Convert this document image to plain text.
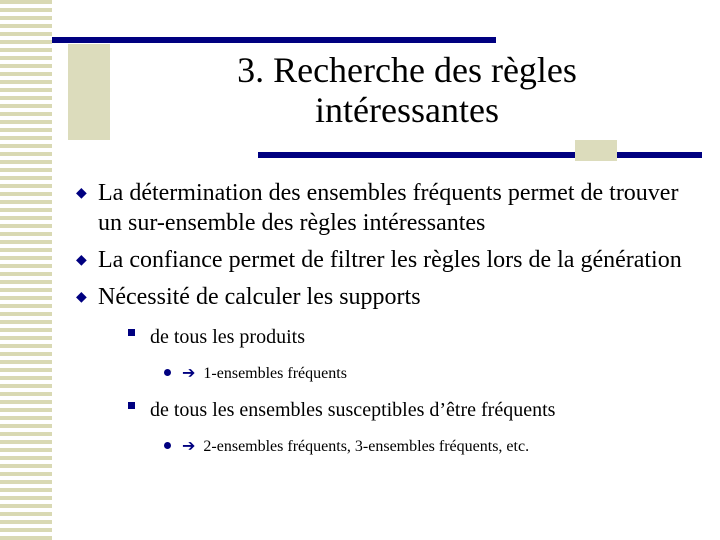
3. Recherche des règles
intéressantes
◆ La détermination des ensembles fréquents permet de trouver un sur-ensemble des règles intéressantes
◆ La confiance permet de filtrer les règles lors de la génération
◆ Nécessité de calculer les supports
de tous les produits
➔ 1-ensembles fréquents
de tous les ensembles susceptibles d’être fréquents
➔ 2-ensembles fréquents, 3-ensembles fréquents, etc.
